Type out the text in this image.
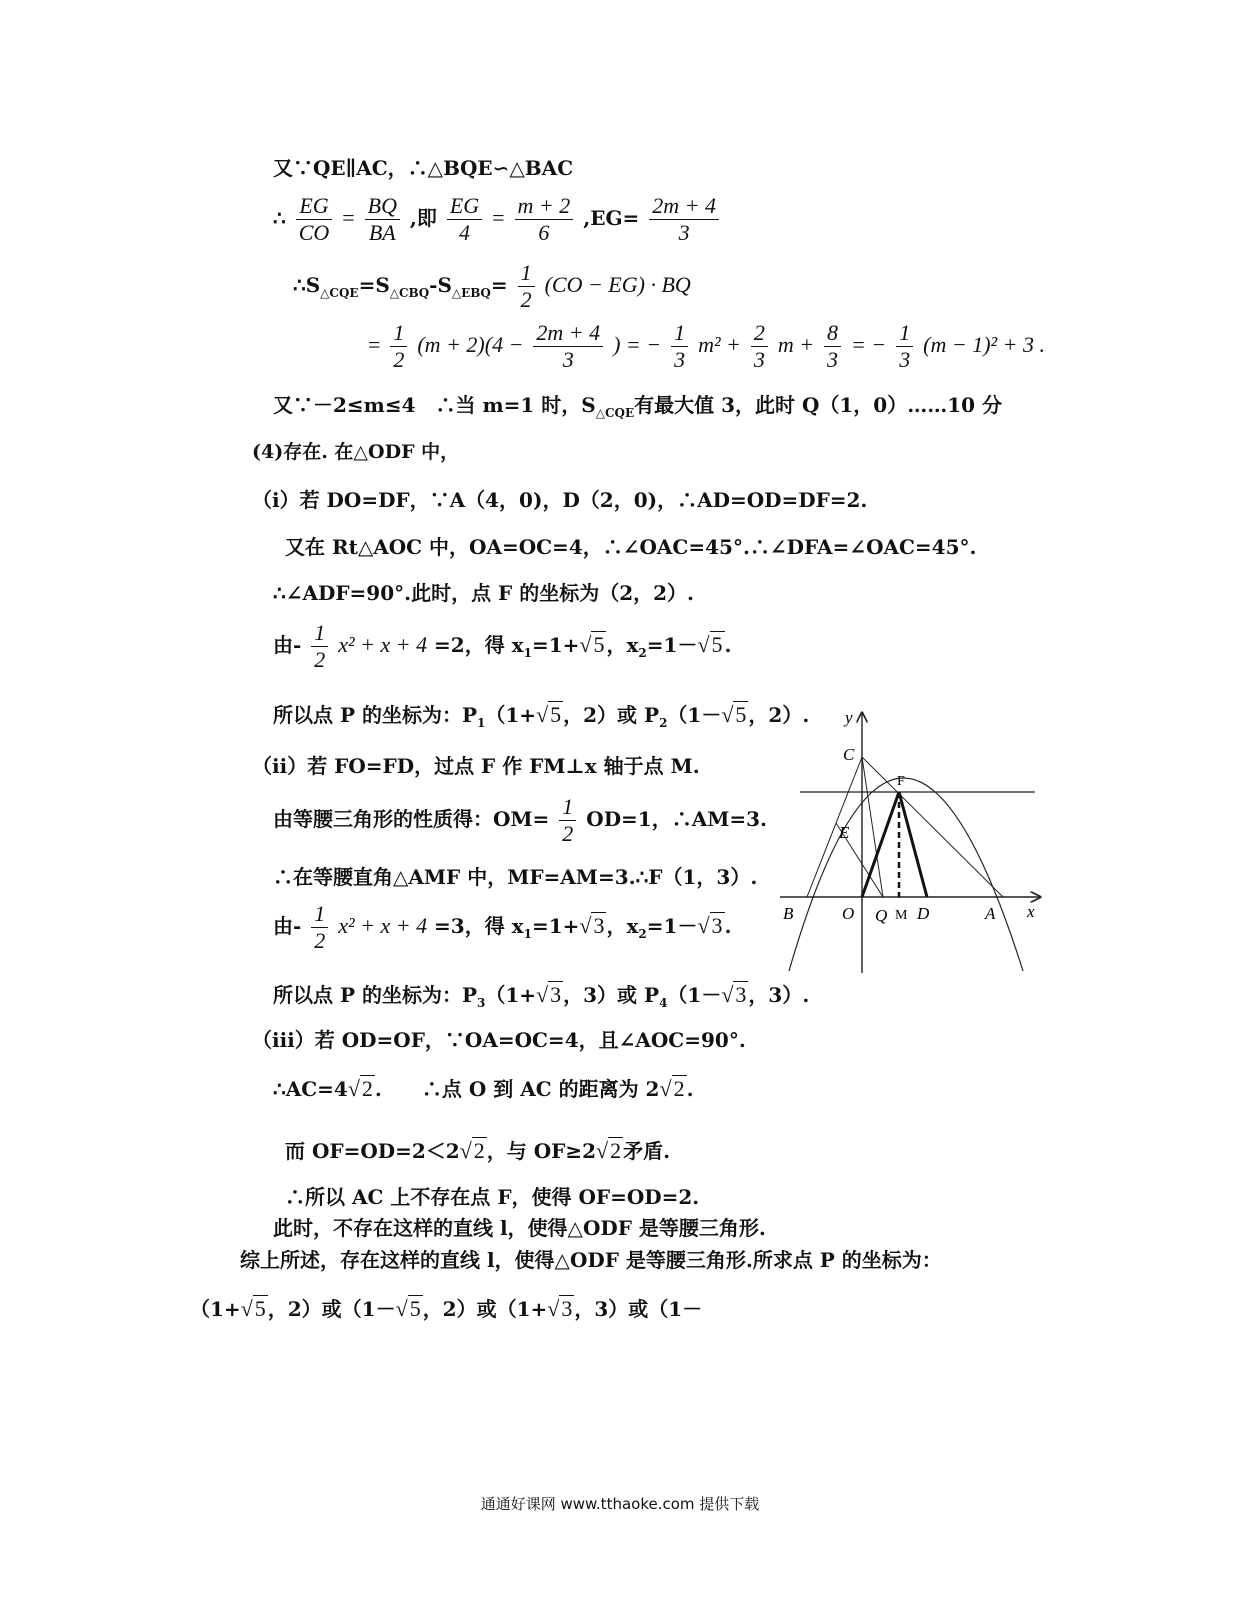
又∵QE∥AC，∴△BQE∽△BAC
∴ $\frac{EG}{CO} = \frac{BQ}{BA}$ ,即 $\frac{EG}{4} = \frac{m + 2}{6} ,EG= \frac{2m + 4}{3}$
$\therefore S_{\triangle CQE}=S_{\triangle CBQ}-S_{\triangle EBQ}= \frac{1}{2} (CO - EG)$ · BQ
= $\frac{1}{2} (m + 2)(4 - \frac{2m + 4}{3}$ ) = − $\frac{1}{3} m^2 + \frac{2}{3}$ $m + \frac{8}{3}$ = − $\frac{1}{3} (m - 1)^2 + 3$ .
又∵－2≤m≤4　∴当 m=1 时，$S_{\triangle CQE}$有最大值 3，此时 Q（1，0）……10 分
(4)存在. 在△ODF 中，
（ⅰ）若 DO=DF，∵A（4，0)，D（2，0)，∴AD=OD=DF=2.
又在 Rt△AOC 中，OA=OC=4，∴∠OAC=45°.∴∠DFA=∠OAC=45°.
∴∠ADF=90°.此时，点 F 的坐标为（2，2）.
由- $\frac{1}{2} x^2 + x + 4 =2$，得 $x_1=1+√5$ ，$x_2=1-√5$ .
所以点 P 的坐标为：$P_1(1+√5$ ，2）或 $P_2(1-√5$ ，2）.
（ⅱ）若 FO=FD，过点 F 作 FM⊥x 轴于点 M.
由等腰三角形的性质得：$OM= \frac{1}{2} OD=1$，∴AM=3.
∴在等腰直角△AMF 中，MF=AM=3.∴F（1，3）.
由- $\frac{1}{2} x^2 + x + 4 =3$，得 $x_1=1+√3$ ，$x_2=1-√3$ .
所以点 P 的坐标为：$P_3(1+√3$ ，3）或 $P_4(1-√3$ ，3）.
（ⅲ）若 OD=OF，∵OA=OC=4，且∠AOC=90°.
∴AC=4√2 .　　∴点 O 到 AC 的距离为 2√2 .
而 OF=OD=2＜2√2 ，与 OF≥2√2 矛盾.
∴所以 AC 上不存在点 F，使得 OF=OD=2.
此时，不存在这样的直线 l，使得△ODF 是等腰三角形.
综上所述，存在这样的直线 l，使得△ODF 是等腰三角形.所求点 P 的坐标为：
（1+√5 ，2）或（1－√5 ，2）或（1+√3 ，3）或（1－
y
x
C
F
E
B	O Q M D	A
通通好课网 www.tthaoke.com 提供下载
